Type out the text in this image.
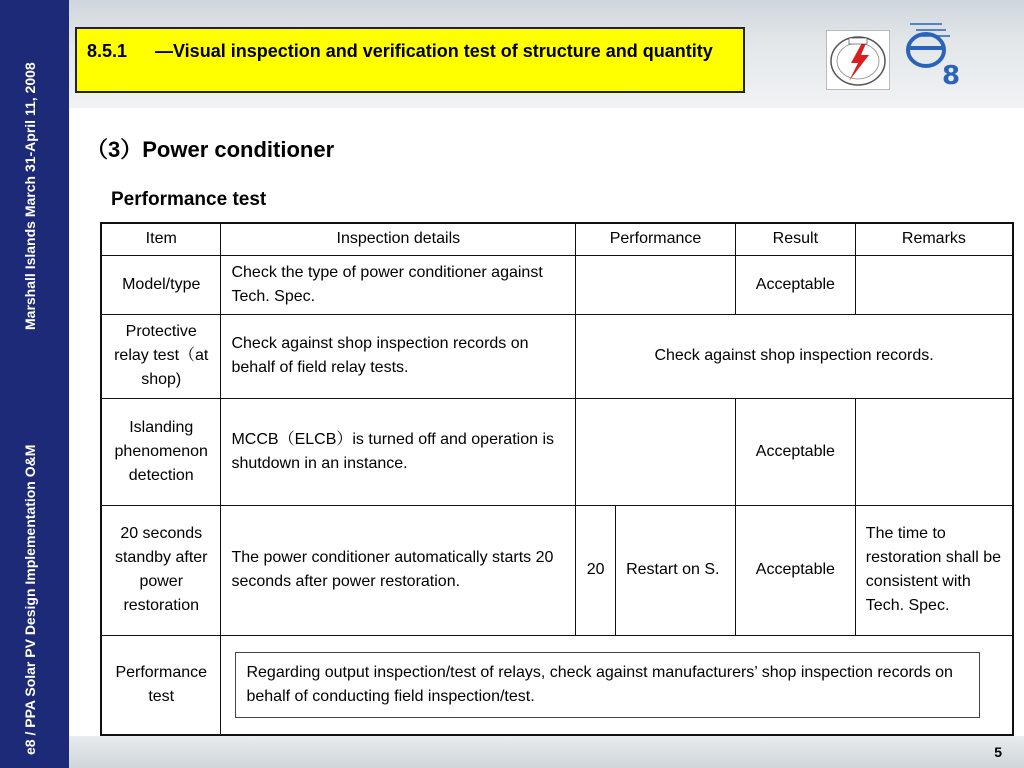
Marshall Islands March 31-April 11, 2008
e8 / PPA Solar PV Design Implementation O&M
8.5.1 ―Visual inspection and verification test of structure and quantity
8
（3）Power conditioner
Performance test
Item	Inspection details	Performance		Result	Remarks
Model/type	Check the type of power conditioner against Tech. Spec.			Acceptable	
Protective relay test（at shop)	Check against shop inspection records on behalf of field relay tests.	Check against shop inspection records.			
Islanding phenomenon detection	MCCB（ELCB）is turned off and operation is shutdown in an instance.			Acceptable	
20 seconds standby after power restoration	The power conditioner automatically starts 20 seconds after power restoration.	20	Restart on S.	Acceptable	The time to restoration shall be consistent with Tech. Spec.
Performance test	Regarding output inspection/test of relays, check against manufacturers’ shop inspection records on behalf of conducting field inspection/test.				
5
